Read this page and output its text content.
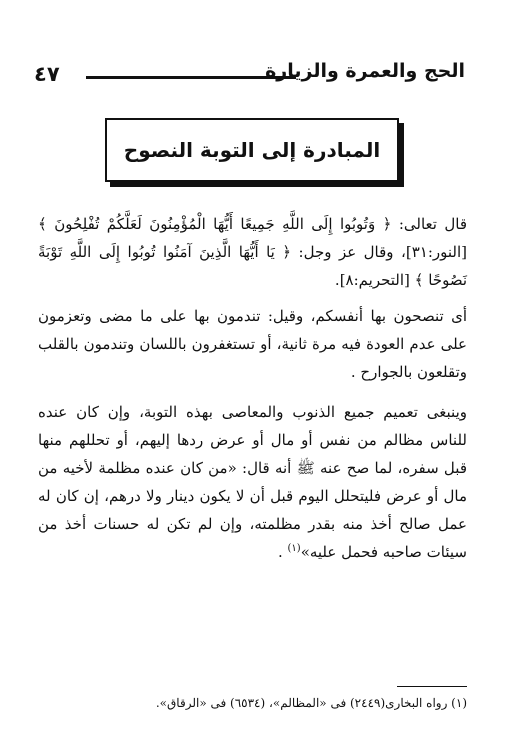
٤٧	الحج والعمرة والزيارة
المبادرة إلى التوبة النصوح

قال تعالى: ﴿ وَتُوبُوا إِلَى اللَّهِ جَمِيعًا أَيُّهَا الْمُؤْمِنُونَ لَعَلَّكُمْ تُفْلِحُونَ ﴾ [النور:٣١]، وقال عز وجل: ﴿ يَا أَيُّهَا الَّذِينَ آمَنُوا تُوبُوا إِلَى اللَّهِ تَوْبَةً نَصُوحًا ﴾ [التحريم:٨].

أى تنصحون بها أنفسكم، وقيل: تندمون بها على ما مضى وتعزمون على عدم العودة فيه مرة ثانية، أو تستغفرون باللسان وتندمون بالقلب وتقلعون بالجوارح .

وينبغى تعميم جميع الذنوب والمعاصى بهذه التوبة، وإن كان عنده للناس مظالم من نفس أو مال أو عرض ردها إليهم، أو تحللهم منها قبل سفره، لما صح عنه ﷺ أنه قال: «من كان عنده مظلمة لأخيه من مال أو عرض فليتحلل اليوم قبل أن لا يكون دينار ولا درهم، إن كان له عمل صالح أخذ منه بقدر مظلمته، وإن لم تكن له حسنات أخذ من سيئات صاحبه فحمل عليه»$^{(١)}$ .

(١) رواه البخارى(٢٤٤٩) فى «المظالم»، (٦٥٣٤) فى «الرقاق».
